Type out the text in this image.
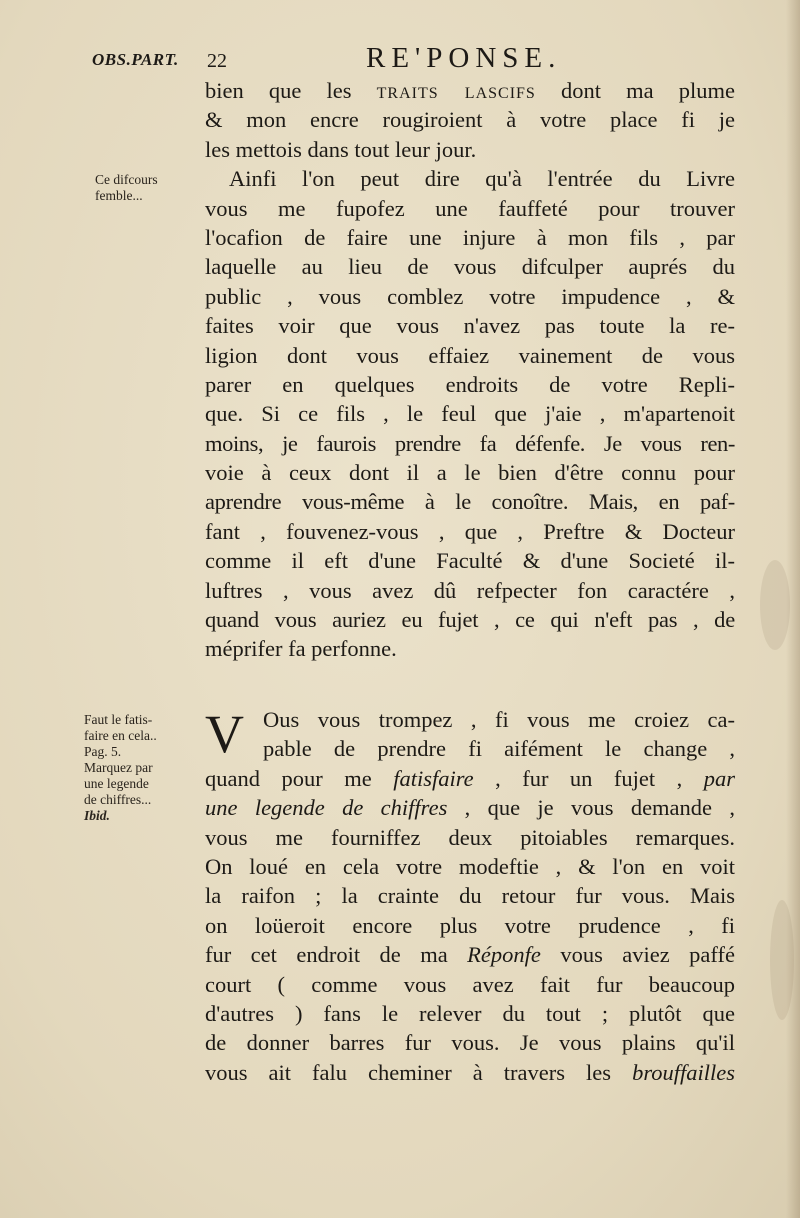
OBS.PART. 22	RE'PONSE.
Ce difcours
femble...
Faut le fatis-
faire en cela..
Pag. 5.
Marquez par
une legende
de chiffres...
Ibid.
bien que les traits lascifs dont ma plume
& mon encre rougiroient à votre place fi je
les mettois dans tout leur jour.
Ainfi l'on peut dire qu'à l'entrée du Livre
vous me fupofez une fauffeté pour trouver
l'ocafion de faire une injure à mon fils , par
laquelle au lieu de vous difculper auprés du
public , vous comblez votre impudence , &
faites voir que vous n'avez pas toute la re-
ligion dont vous effaiez vainement de vous
parer en quelques endroits de votre Repli-
que. Si ce fils , le feul que j'aie , m'apartenoit
moins, je faurois prendre fa défenfe. Je vous ren-
voie à ceux dont il a le bien d'être connu pour
aprendre vous-même à le conoître. Mais, en paf-
fant , fouvenez-vous , que , Preftre & Docteur
comme il eft d'une Faculté & d'une Societé il-
luftres , vous avez dû refpecter fon caractére ,
quand vous auriez eu fujet , ce qui n'eft pas , de
méprifer fa perfonne.
V Ous vous trompez , fi vous me croiez ca-
pable de prendre fi aifément le change ,
quand pour me fatisfaire , fur un fujet , par
une legende de chiffres , que je vous demande ,
vous me fourniffez deux pitoiables remarques.
On loué en cela votre modeftie , & l'on en voit
la raifon ; la crainte du retour fur vous. Mais
on loüeroit encore plus votre prudence , fi
fur cet endroit de ma Réponfe vous aviez paffé
court ( comme vous avez fait fur beaucoup
d'autres ) fans le relever du tout ; plutôt que
de donner barres fur vous. Je vous plains qu'il
vous ait falu cheminer à travers les brouffailles
